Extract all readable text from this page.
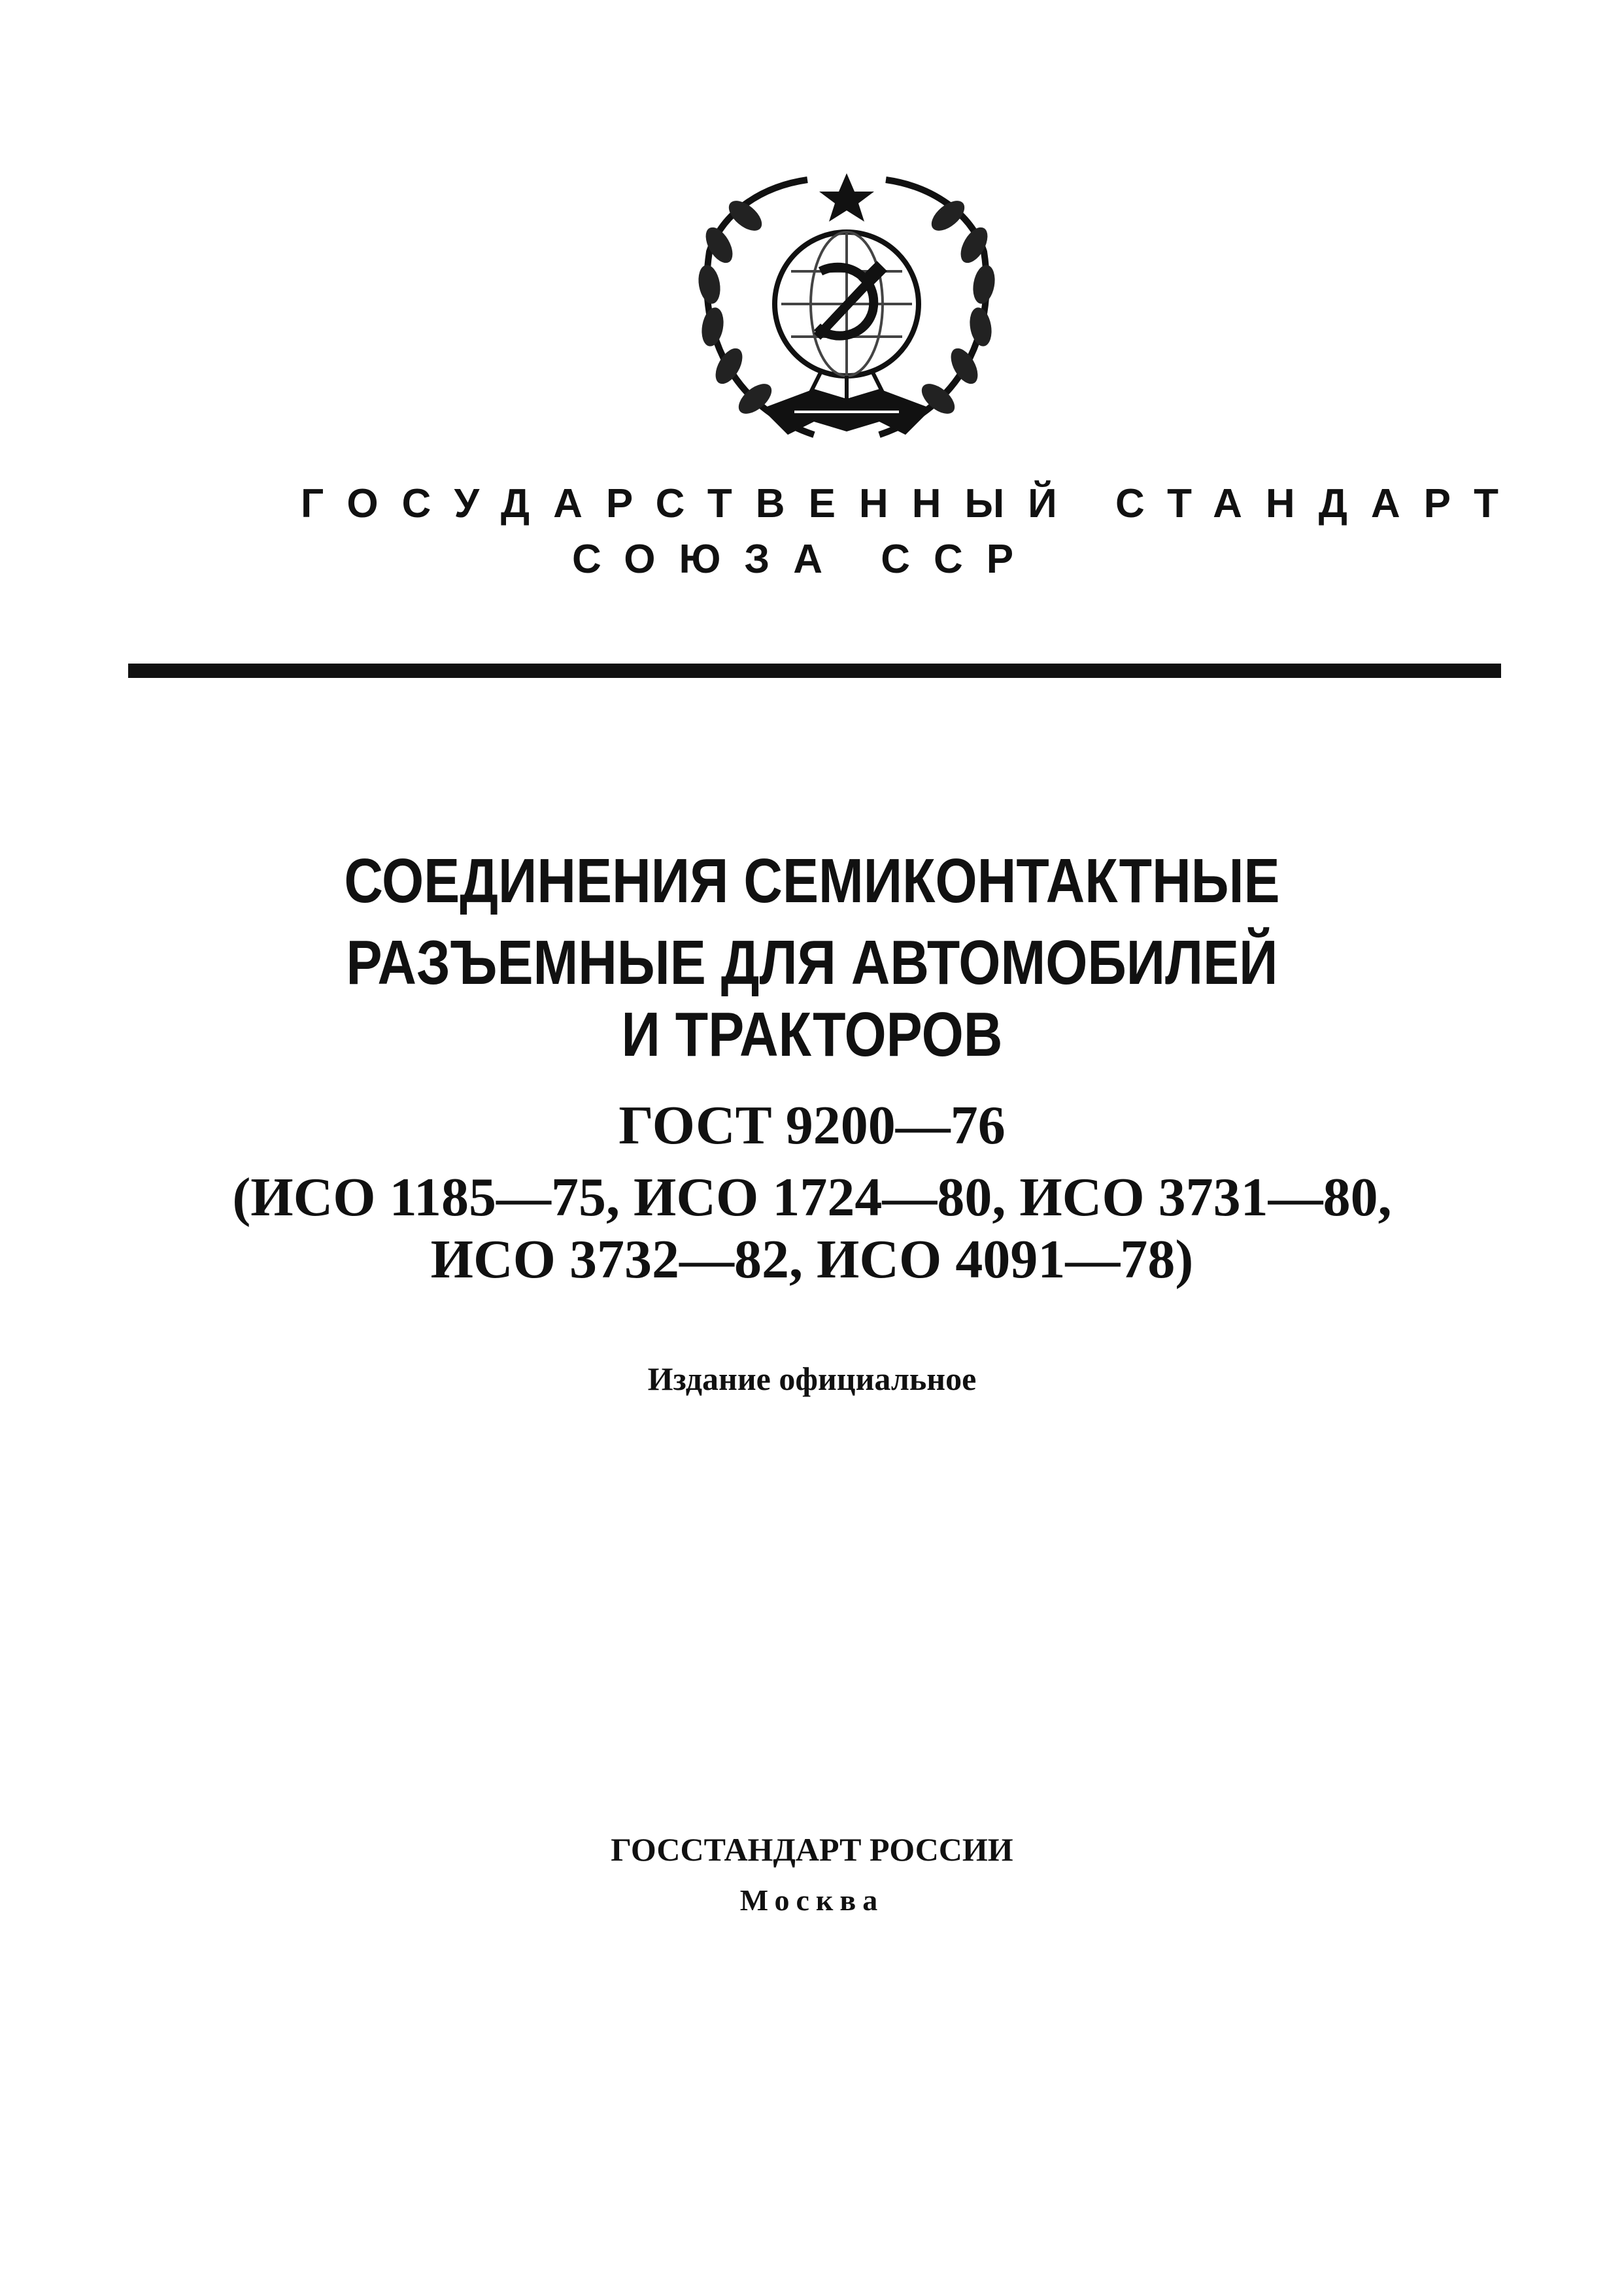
ГОСУДАРСТВЕННЫЙ СТАНДАРТ
СОЮЗА ССР
СОЕДИНЕНИЯ СЕМИКОНТАКТНЫЕ
РАЗЪЕМНЫЕ ДЛЯ АВТОМОБИЛЕЙ
И ТРАКТОРОВ
ГОСТ 9200—76
(ИСО 1185—75, ИСО 1724—80, ИСО 3731—80,
ИСО 3732—82, ИСО 4091—78)
Издание официальное
ГОССТАНДАРТ РОССИИ
Москва
